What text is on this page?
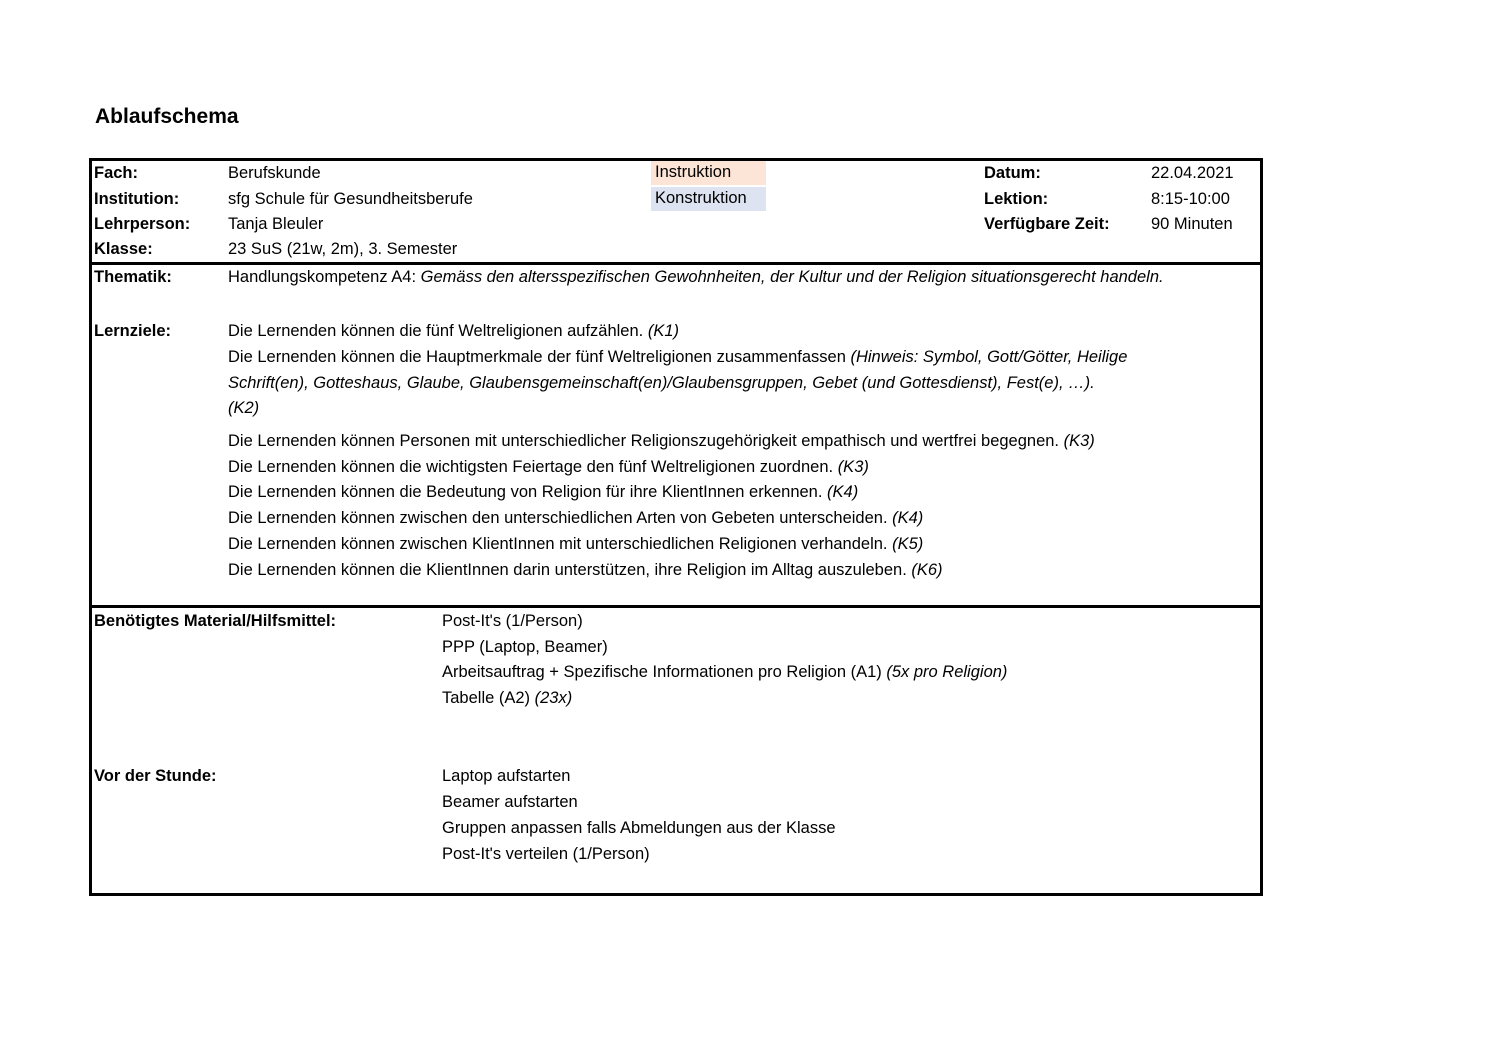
Ablaufschema
Fach:	Berufskunde
Institution:	sfg Schule für Gesundheitsberufe
Lehrperson: Tanja Bleuler
Klasse:	23 SuS (21w, 2m), 3. Semester
Instruktion
Konstruktion
Datum:	22.04.2021
Lektion:	8:15-10:00
Verfügbare Zeit:	90 Minuten
Thematik:	Handlungskompetenz A4: Gemäss den altersspezifischen Gewohnheiten, der Kultur und der Religion situationsgerecht handeln.
Lernziele:	Die Lernenden können die fünf Weltreligionen aufzählen. (K1)
Die Lernenden können die Hauptmerkmale der fünf Weltreligionen zusammenfassen (Hinweis: Symbol, Gott/Götter, Heilige
Schrift(en), Gotteshaus, Glaube, Glaubensgemeinschaft(en)/Glaubensgruppen, Gebet (und Gottesdienst), Fest(e), …).
(K2)
Die Lernenden können Personen mit unterschiedlicher Religionszugehörigkeit empathisch und wertfrei begegnen. (K3)
Die Lernenden können die wichtigsten Feiertage den fünf Weltreligionen zuordnen. (K3)
Die Lernenden können die Bedeutung von Religion für ihre KlientInnen erkennen. (K4)
Die Lernenden können zwischen den unterschiedlichen Arten von Gebeten unterscheiden. (K4)
Die Lernenden können zwischen KlientInnen mit unterschiedlichen Religionen verhandeln. (K5)
Die Lernenden können die KlientInnen darin unterstützen, ihre Religion im Alltag auszuleben. (K6)
Benötigtes Material/Hilfsmittel:	Post-It's (1/Person)
PPP (Laptop, Beamer)
Arbeitsauftrag + Spezifische Informationen pro Religion (A1) (5x pro Religion)
Tabelle (A2) (23x)
Vor der Stunde:	Laptop aufstarten
Beamer aufstarten
Gruppen anpassen falls Abmeldungen aus der Klasse
Post-It's verteilen (1/Person)
